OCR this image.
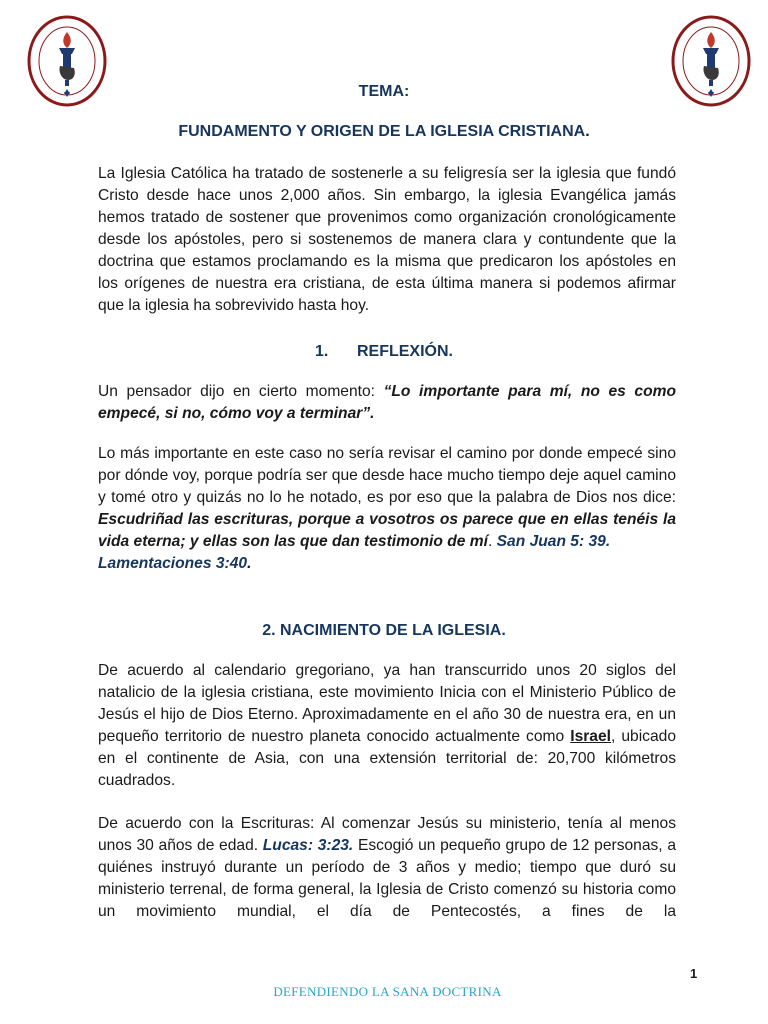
TEMA:
FUNDAMENTO Y ORIGEN DE LA IGLESIA CRISTIANA.

La Iglesia Católica ha tratado de sostenerle a su feligresía ser la iglesia que fundó Cristo desde hace unos 2,000 años. Sin embargo, la iglesia Evangélica jamás hemos tratado de sostener que provenimos como organización cronológicamente desde los apóstoles, pero si sostenemos de manera clara y contundente que la doctrina que estamos proclamando es la misma que predicaron los apóstoles en los orígenes de nuestra era cristiana, de esta última manera si podemos afirmar que la iglesia ha sobrevivido hasta hoy.

1. REFLEXIÓN.

Un pensador dijo en cierto momento: “Lo importante para mí, no es como empecé, si no, cómo voy a terminar”.

Lo más importante en este caso no sería revisar el camino por donde empecé sino por dónde voy, porque podría ser que desde hace mucho tiempo deje aquel camino y tomé otro y quizás no lo he notado, es por eso que la palabra de Dios nos dice: Escudriñad las escrituras, porque a vosotros os parece que en ellas tenéis la vida eterna; y ellas son las que dan testimonio de mí. San Juan 5: 39.
Lamentaciones 3:40.

2. NACIMIENTO DE LA IGLESIA.

De acuerdo al calendario gregoriano, ya han transcurrido unos 20 siglos del natalicio de la iglesia cristiana, este movimiento Inicia con el Ministerio Público de Jesús el hijo de Dios Eterno. Aproximadamente en el año 30 de nuestra era, en un pequeño territorio de nuestro planeta conocido actualmente como Israel, ubicado en el continente de Asia, con una extensión territorial de: 20,700 kilómetros cuadrados.

De acuerdo con la Escrituras: Al comenzar Jesús su ministerio, tenía al menos unos 30 años de edad. Lucas: 3:23. Escogió un pequeño grupo de 12 personas, a quiénes instruyó durante un período de 3 años y medio; tiempo que duró su ministerio terrenal, de forma general, la Iglesia de Cristo comenzó su historia como un movimiento mundial, el día de Pentecostés, a fines de la

1
DEFENDIENDO LA SANA DOCTRINA
